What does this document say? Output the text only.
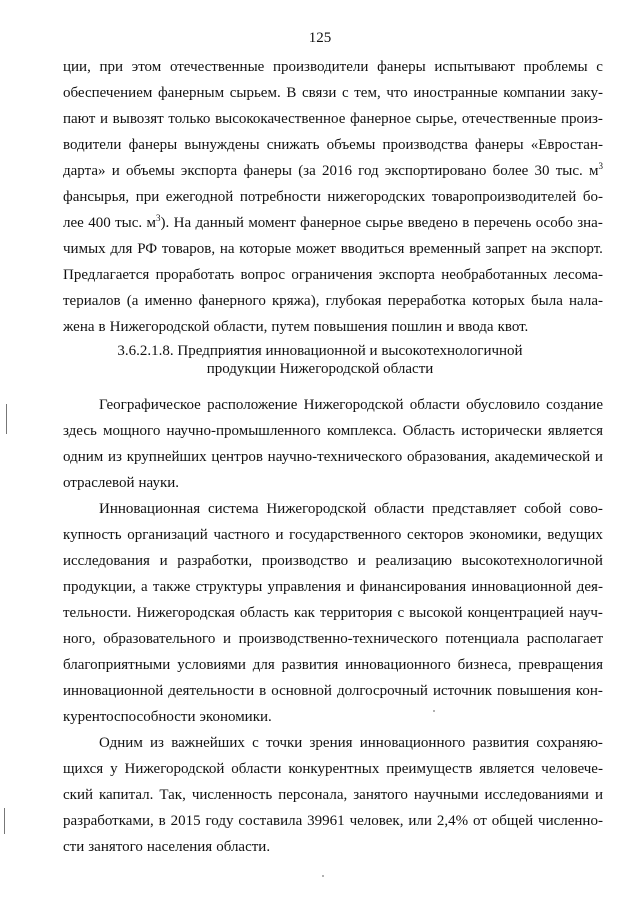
125
ции, при этом отечественные производители фанеры испытывают проблемы с
обеспечением фанерным сырьем. В связи с тем, что иностранные компании заку-
пают и вывозят только высококачественное фанерное сырье, отечественные произ-
водители фанеры вынуждены снижать объемы производства фанеры «Евростан-
дарта» и объемы экспорта фанеры (за 2016 год экспортировано более 30 тыс. $м^3$
фансырья, при ежегодной потребности нижегородских товаропроизводителей бо-
лее 400 тыс. $м^3$). На данный момент фанерное сырье введено в перечень особо зна-
чимых для РФ товаров, на которые может вводиться временный запрет на экспорт.
Предлагается проработать вопрос ограничения экспорта необработанных лесома-
териалов (а именно фанерного кряжа), глубокая переработка которых была нала-
жена в Нижегородской области, путем повышения пошлин и ввода квот.
3.6.2.1.8. Предприятия инновационной и высокотехнологичной
продукции Нижегородской области
Географическое расположение Нижегородской области обусловило создание
здесь мощного научно-промышленного комплекса. Область исторически является
одним из крупнейших центров научно-технического образования, академической и
отраслевой науки.
Инновационная система Нижегородской области представляет собой сово-
купность организаций частного и государственного секторов экономики, ведущих
исследования и разработки, производство и реализацию высокотехнологичной
продукции, а также структуры управления и финансирования инновационной дея-
тельности. Нижегородская область как территория с высокой концентрацией науч-
ного, образовательного и производственно-технического потенциала располагает
благоприятными условиями для развития инновационного бизнеса, превращения
инновационной деятельности в основной долгосрочный источник повышения кон-
курентоспособности экономики.
Одним из важнейших с точки зрения инновационного развития сохраняю-
щихся у Нижегородской области конкурентных преимуществ является человече-
ский капитал. Так, численность персонала, занятого научными исследованиями и
разработками, в 2015 году составила 39961 человек, или 2,4% от общей численно-
сти занятого населения области.
